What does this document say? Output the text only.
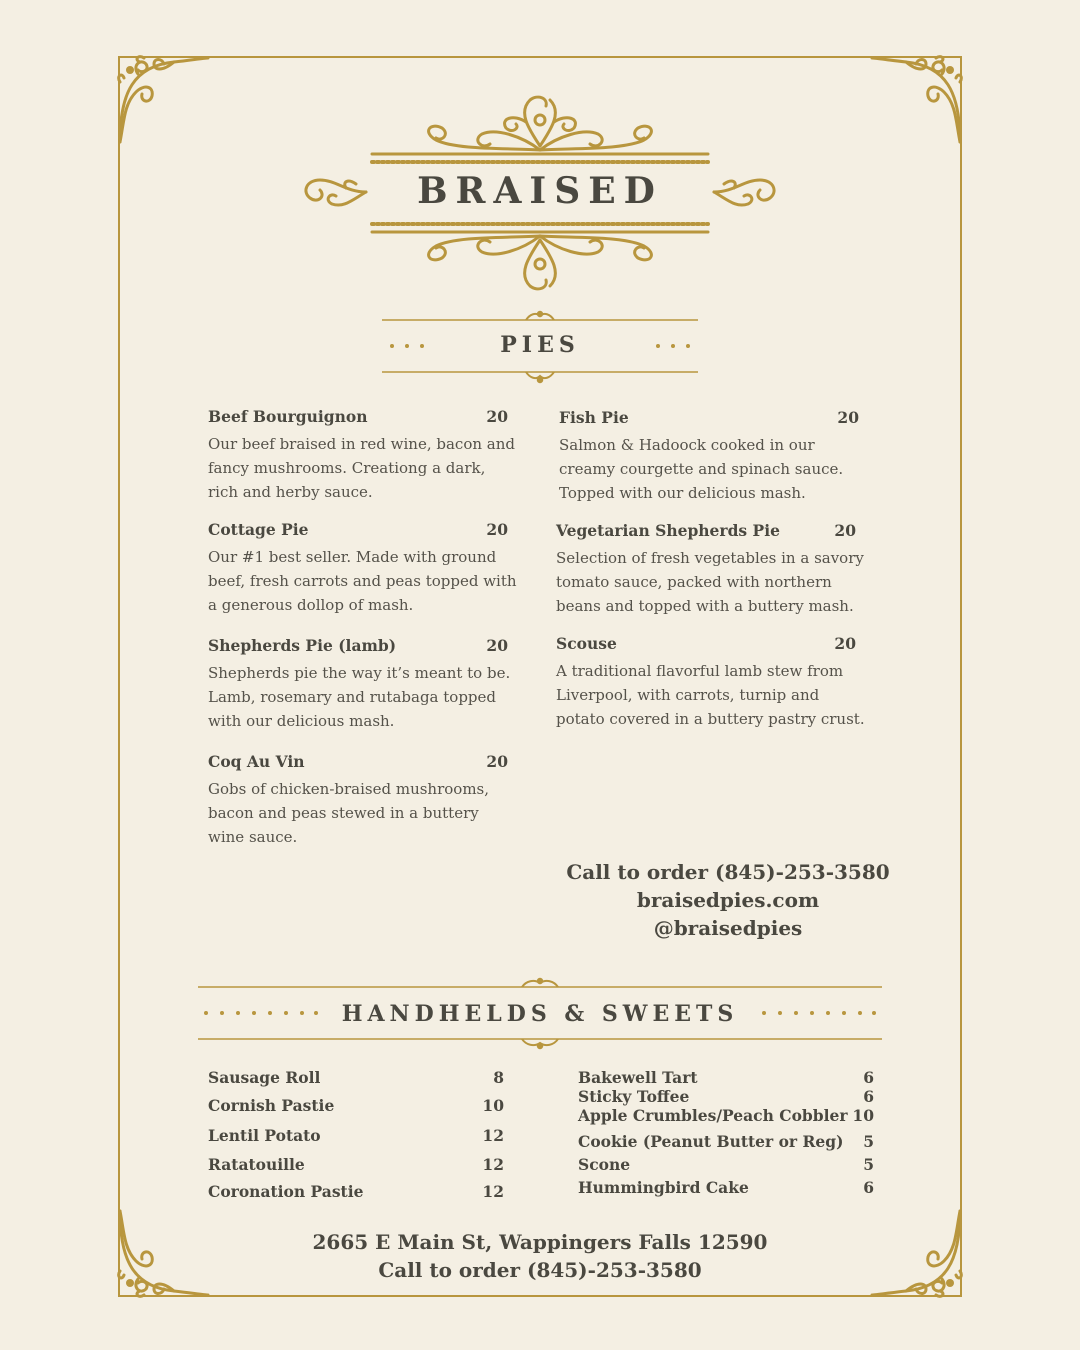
BRAISED
PIES
Beef Bourguignon	20
Our beef braised in red wine, bacon and fancy mushrooms. Creationg a dark, rich and herby sauce.
Cottage Pie	20
Our #1 best seller. Made with ground beef, fresh carrots and peas topped with a generous dollop of mash.
Shepherds Pie (lamb)	20
Shepherds pie the way it’s meant to be. Lamb, rosemary and rutabaga topped with our delicious mash.
Coq Au Vin	20
Gobs of chicken-braised mushrooms, bacon and peas stewed in a buttery wine sauce.
Fish Pie	20
Salmon & Hadoock cooked in our creamy courgette and spinach sauce. Topped with our delicious mash.
Vegetarian Shepherds Pie	20
Selection of fresh vegetables in a savory tomato sauce, packed with northern beans and topped with a buttery mash.
Scouse	20
A traditional flavorful lamb stew from Liverpool, with carrots, turnip and potato covered in a buttery pastry crust.
Call to order (845)-253-3580
braisedpies.com
@braisedpies
HANDHELDS & SWEETS
Sausage Roll	8
Cornish Pastie	10
Lentil Potato	12
Ratatouille	12
Coronation Pastie	12
Bakewell Tart	6
Sticky Toffee	6
Apple Crumbles/Peach Cobbler 10
Cookie (Peanut Butter or Reg) 5
Scone	5
Hummingbird Cake	6
2665 E Main St, Wappingers Falls 12590
Call to order (845)-253-3580
